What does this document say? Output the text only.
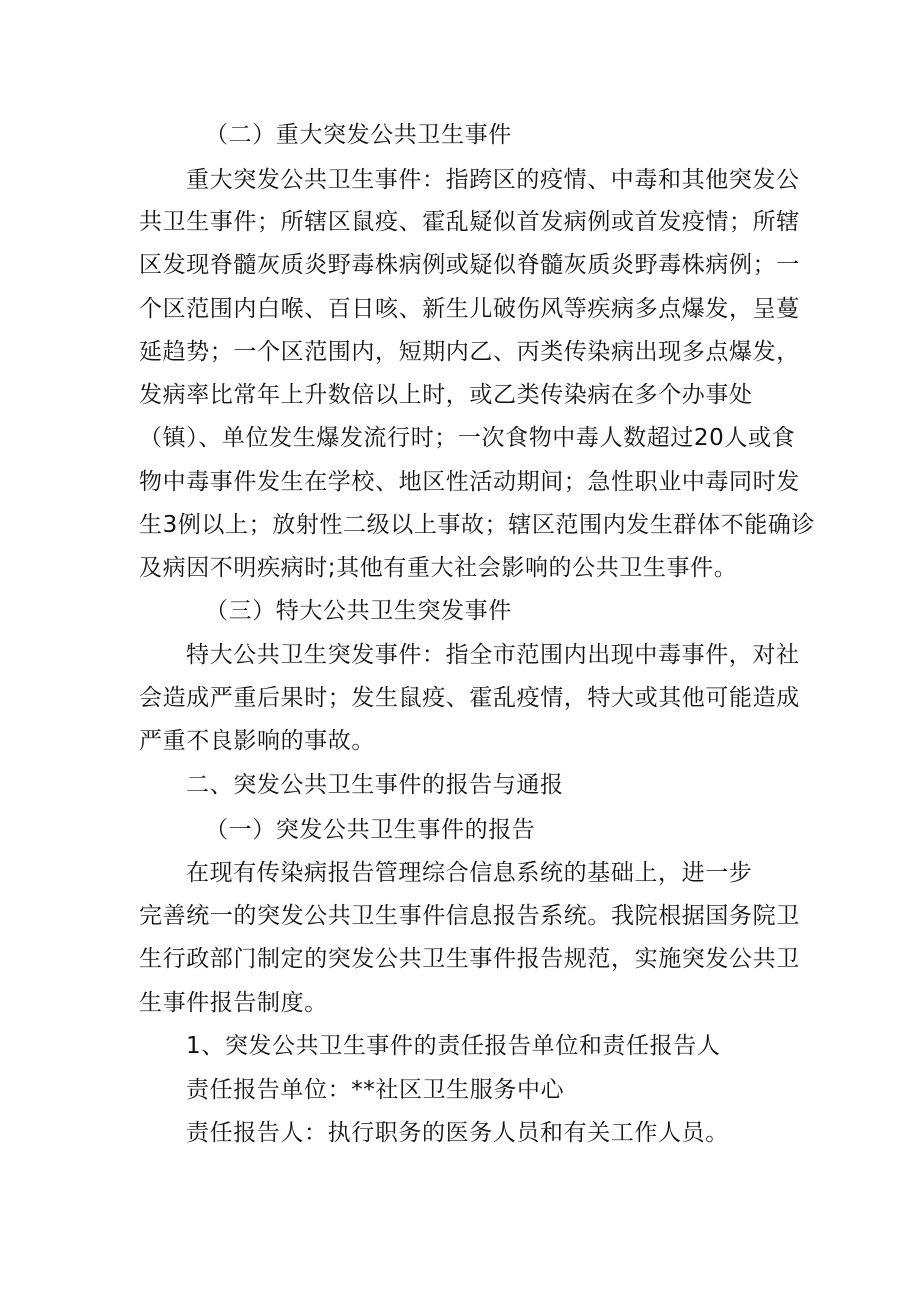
（二）重大突发公共卫生事件

重大突发公共卫生事件：指跨区的疫情、中毒和其他突发公

共卫生事件；所辖区鼠疫、霍乱疑似首发病例或首发疫情；所辖

区发现脊髓灰质炎野毒株病例或疑似脊髓灰质炎野毒株病例；一

个区范围内白喉、百日咳、新生儿破伤风等疾病多点爆发，呈蔓

延趋势；一个区范围内，短期内乙、丙类传染病出现多点爆发，

发病率比常年上升数倍以上时，或乙类传染病在多个办事处

（镇）、单位发生爆发流行时；一次食物中毒人数超过20人或食

物中毒事件发生在学校、地区性活动期间；急性职业中毒同时发

生3例以上；放射性二级以上事故；辖区范围内发生群体不能确诊

及病因不明疾病时;其他有重大社会影响的公共卫生事件。

（三）特大公共卫生突发事件

特大公共卫生突发事件：指全市范围内出现中毒事件，对社

会造成严重后果时；发生鼠疫、霍乱疫情，特大或其他可能造成

严重不良影响的事故。

二、突发公共卫生事件的报告与通报

（一）突发公共卫生事件的报告

在现有传染病报告管理综合信息系统的基础上，进一步

完善统一的突发公共卫生事件信息报告系统。我院根据国务院卫

生行政部门制定的突发公共卫生事件报告规范，实施突发公共卫

生事件报告制度。

1、突发公共卫生事件的责任报告单位和责任报告人

责任报告单位：**社区卫生服务中心

责任报告人：执行职务的医务人员和有关工作人员。
